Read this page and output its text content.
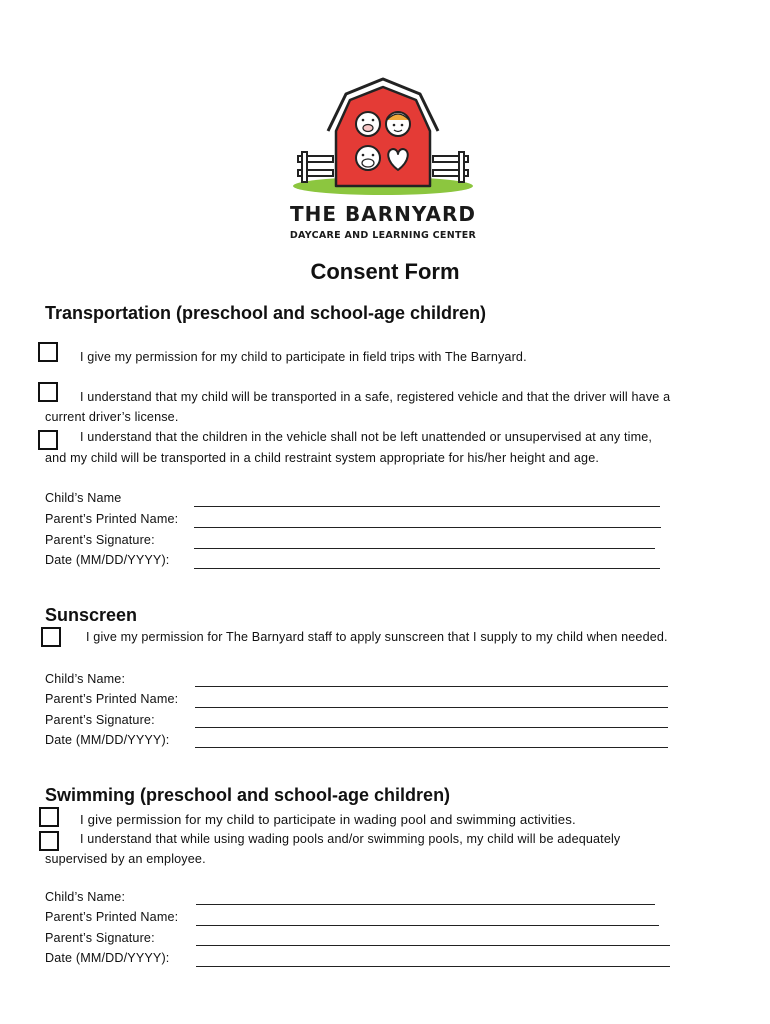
THE BARNYARD
DAYCARE AND LEARNING CENTER
Consent Form
Transportation (preschool and school-age children)
I give my permission for my child to participate in field trips with The Barnyard.
I understand that my child will be transported in a safe, registered vehicle and that the driver will have a
current driver’s license.
I understand that the children in the vehicle shall not be left unattended or unsupervised at any time,
and my child will be transported in a child restraint system appropriate for his/her height and age.
Child’s Name
Parent’s Printed Name:
Parent’s Signature:
Date (MM/DD/YYYY):
Sunscreen
I give my permission for The Barnyard staff to apply sunscreen that I supply to my child when needed.
Child’s Name:
Parent’s Printed Name:
Parent’s Signature:
Date (MM/DD/YYYY):
Swimming (preschool and school-age children)
I give permission for my child to participate in wading pool and swimming activities.
I understand that while using wading pools and/or swimming pools, my child will be adequately
supervised by an employee.
Child’s Name:
Parent’s Printed Name:
Parent’s Signature:
Date (MM/DD/YYYY):
